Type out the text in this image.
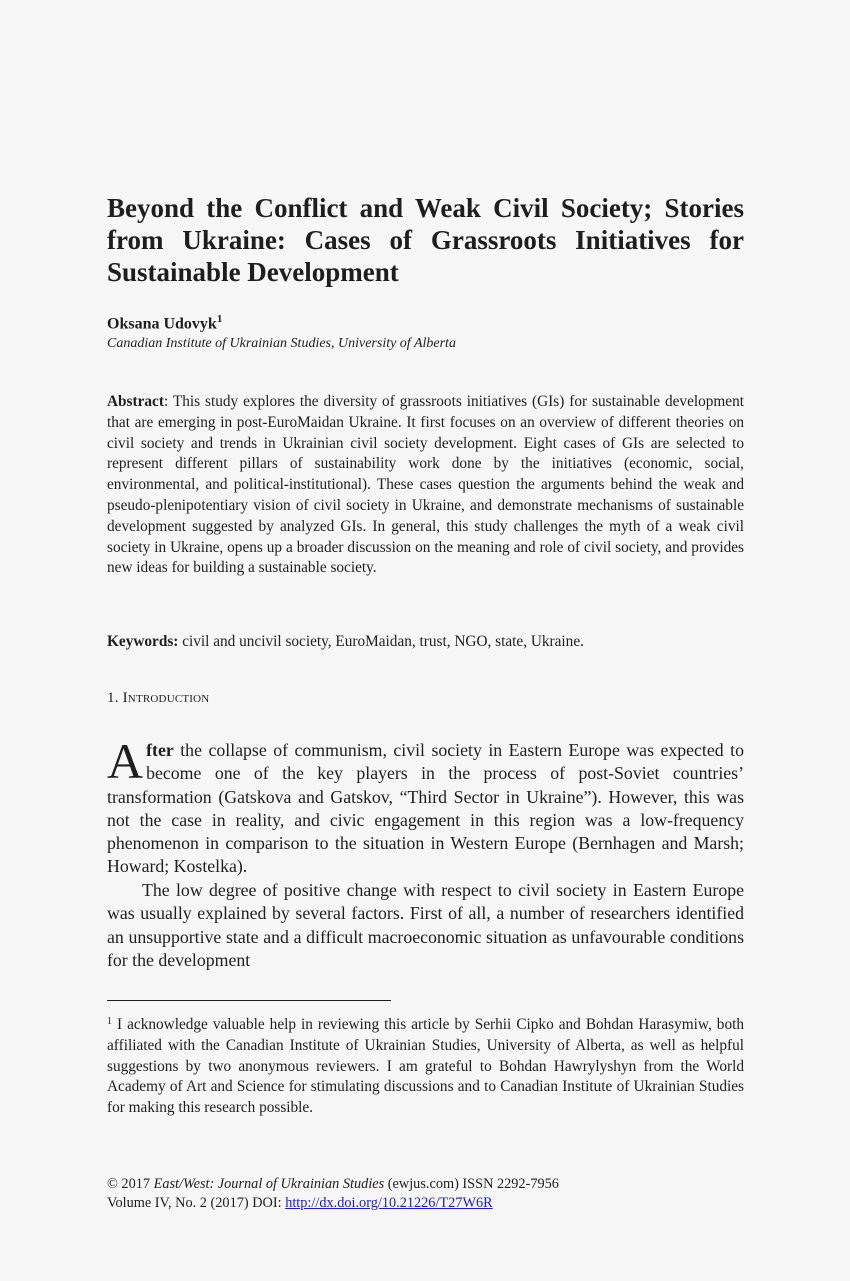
Beyond the Conflict and Weak Civil Society; Stories from Ukraine: Cases of Grassroots Initiatives for Sustainable Development

Oksana Udovyk$^1$

Canadian Institute of Ukrainian Studies, University of Alberta

Abstract: This study explores the diversity of grassroots initiatives (GIs) for sustainable development that are emerging in post-EuroMaidan Ukraine. It first focuses on an overview of different theories on civil society and trends in Ukrainian civil society development. Eight cases of GIs are selected to represent different pillars of sustainability work done by the initiatives (economic, social, environmental, and political-institutional). These cases question the arguments behind the weak and pseudo-plenipotentiary vision of civil society in Ukraine, and demonstrate mechanisms of sustainable development suggested by analyzed GIs. In general, this study challenges the myth of a weak civil society in Ukraine, opens up a broader discussion on the meaning and role of civil society, and provides new ideas for building a sustainable society.

Keywords: civil and uncivil society, EuroMaidan, trust, NGO, state, Ukraine.

1. Introduction

After the collapse of communism, civil society in Eastern Europe was expected to become one of the key players in the process of post-Soviet countries’ transformation (Gatskova and Gatskov, “Third Sector in Ukraine”). However, this was not the case in reality, and civic engagement in this region was a low-frequency phenomenon in comparison to the situation in Western Europe (Bernhagen and Marsh; Howard; Kostelka).

The low degree of positive change with respect to civil society in Eastern Europe was usually explained by several factors. First of all, a number of researchers identified an unsupportive state and a difficult macroeconomic situation as unfavourable conditions for the development

$^1$ I acknowledge valuable help in reviewing this article by Serhii Cipko and Bohdan Harasymiw, both affiliated with the Canadian Institute of Ukrainian Studies, University of Alberta, as well as helpful suggestions by two anonymous reviewers. I am grateful to Bohdan Hawrylyshyn from the World Academy of Art and Science for stimulating discussions and to Canadian Institute of Ukrainian Studies for making this research possible.

© 2017 East/West: Journal of Ukrainian Studies (ewjus.com) ISSN 2292-7956
Volume IV, No. 2 (2017) DOI: http://dx.doi.org/10.21226/T27W6R
